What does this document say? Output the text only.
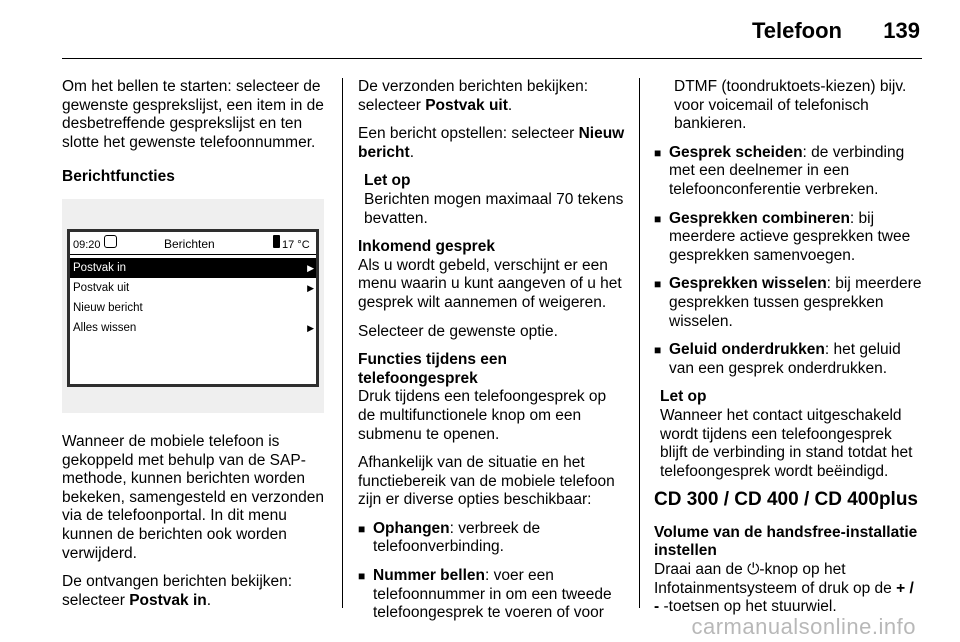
Telefoon 139

Om het bellen te starten: selecteer de gewenste gesprekslijst, een item in de desbetreffende gesprekslijst en ten slotte het gewenste telefoonnummer.

Berichtfuncties

09:20	Berichten	17 °C
Postvak in	▶
Postvak uit	▶
Nieuw bericht
Alles wissen	▶

Wanneer de mobiele telefoon is gekoppeld met behulp van de SAP-methode, kunnen berichten worden bekeken, samengesteld en verzonden via de telefoonportal. In dit menu kunnen de berichten ook worden verwijderd.

De ontvangen berichten bekijken: selecteer Postvak in.

De verzonden berichten bekijken: selecteer Postvak uit.

Een bericht opstellen: selecteer Nieuw bericht.

Let op
Berichten mogen maximaal 70 tekens bevatten.

Inkomend gesprek

Als u wordt gebeld, verschijnt er een menu waarin u kunt aangeven of u het gesprek wilt aannemen of weigeren.

Selecteer de gewenste optie.

Functies tijdens een telefoongesprek

Druk tijdens een telefoongesprek op de multifunctionele knop om een submenu te openen.

Afhankelijk van de situatie en het functiebereik van de mobiele telefoon zijn er diverse opties beschikbaar:

■ Ophangen: verbreek de telefoonverbinding.

■ Nummer bellen: voer een telefoonnummer in om een tweede telefoongesprek te voeren of voor

DTMF (toondruktoets-kiezen) bijv. voor voicemail of telefonisch bankieren.

■ Gesprek scheiden: de verbinding met een deelnemer in een telefoonconferentie verbreken.

■ Gesprekken combineren: bij meerdere actieve gesprekken twee gesprekken samenvoegen.

■ Gesprekken wisselen: bij meerdere gesprekken tussen gesprekken wisselen.

■ Geluid onderdrukken: het geluid van een gesprek onderdrukken.

Let op
Wanneer het contact uitgeschakeld wordt tijdens een telefoongesprek blijft de verbinding in stand totdat het telefoongesprek wordt beëindigd.

CD 300 / CD 400 / CD 400plus
Volume van de handsfree-installatie instellen

Draai aan de ⏻-knop op het Infotainmentsysteem of druk op de + / - -toetsen op het stuurwiel.

carmanualsonline.info
